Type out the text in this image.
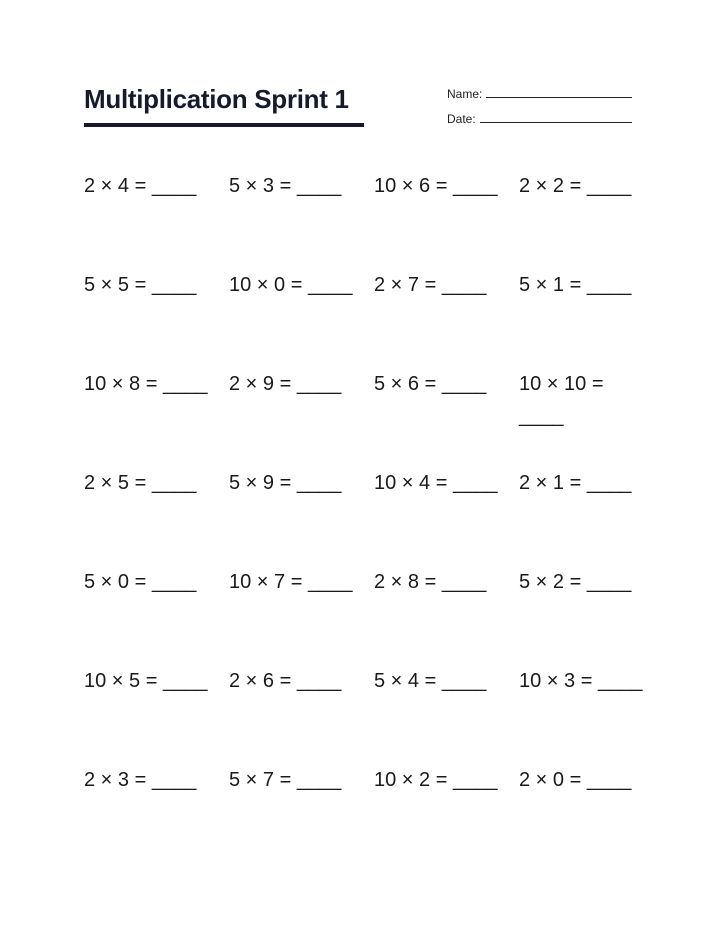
Multiplication Sprint 1	Name:
Date:
2 × 4 = ____	5 × 3 = ____	10 × 6 = ____	2 × 2 = ____
5 × 5 = ____	10 × 0 = ____	2 × 7 = ____	5 × 1 = ____
10 × 8 = ____	2 × 9 = ____	5 × 6 = ____	10 × 10 = ____
2 × 5 = ____	5 × 9 = ____	10 × 4 = ____	2 × 1 = ____
5 × 0 = ____	10 × 7 = ____	2 × 8 = ____	5 × 2 = ____
10 × 5 = ____	2 × 6 = ____	5 × 4 = ____	10 × 3 = ____
2 × 3 = ____	5 × 7 = ____	10 × 2 = ____	2 × 0 = ____
